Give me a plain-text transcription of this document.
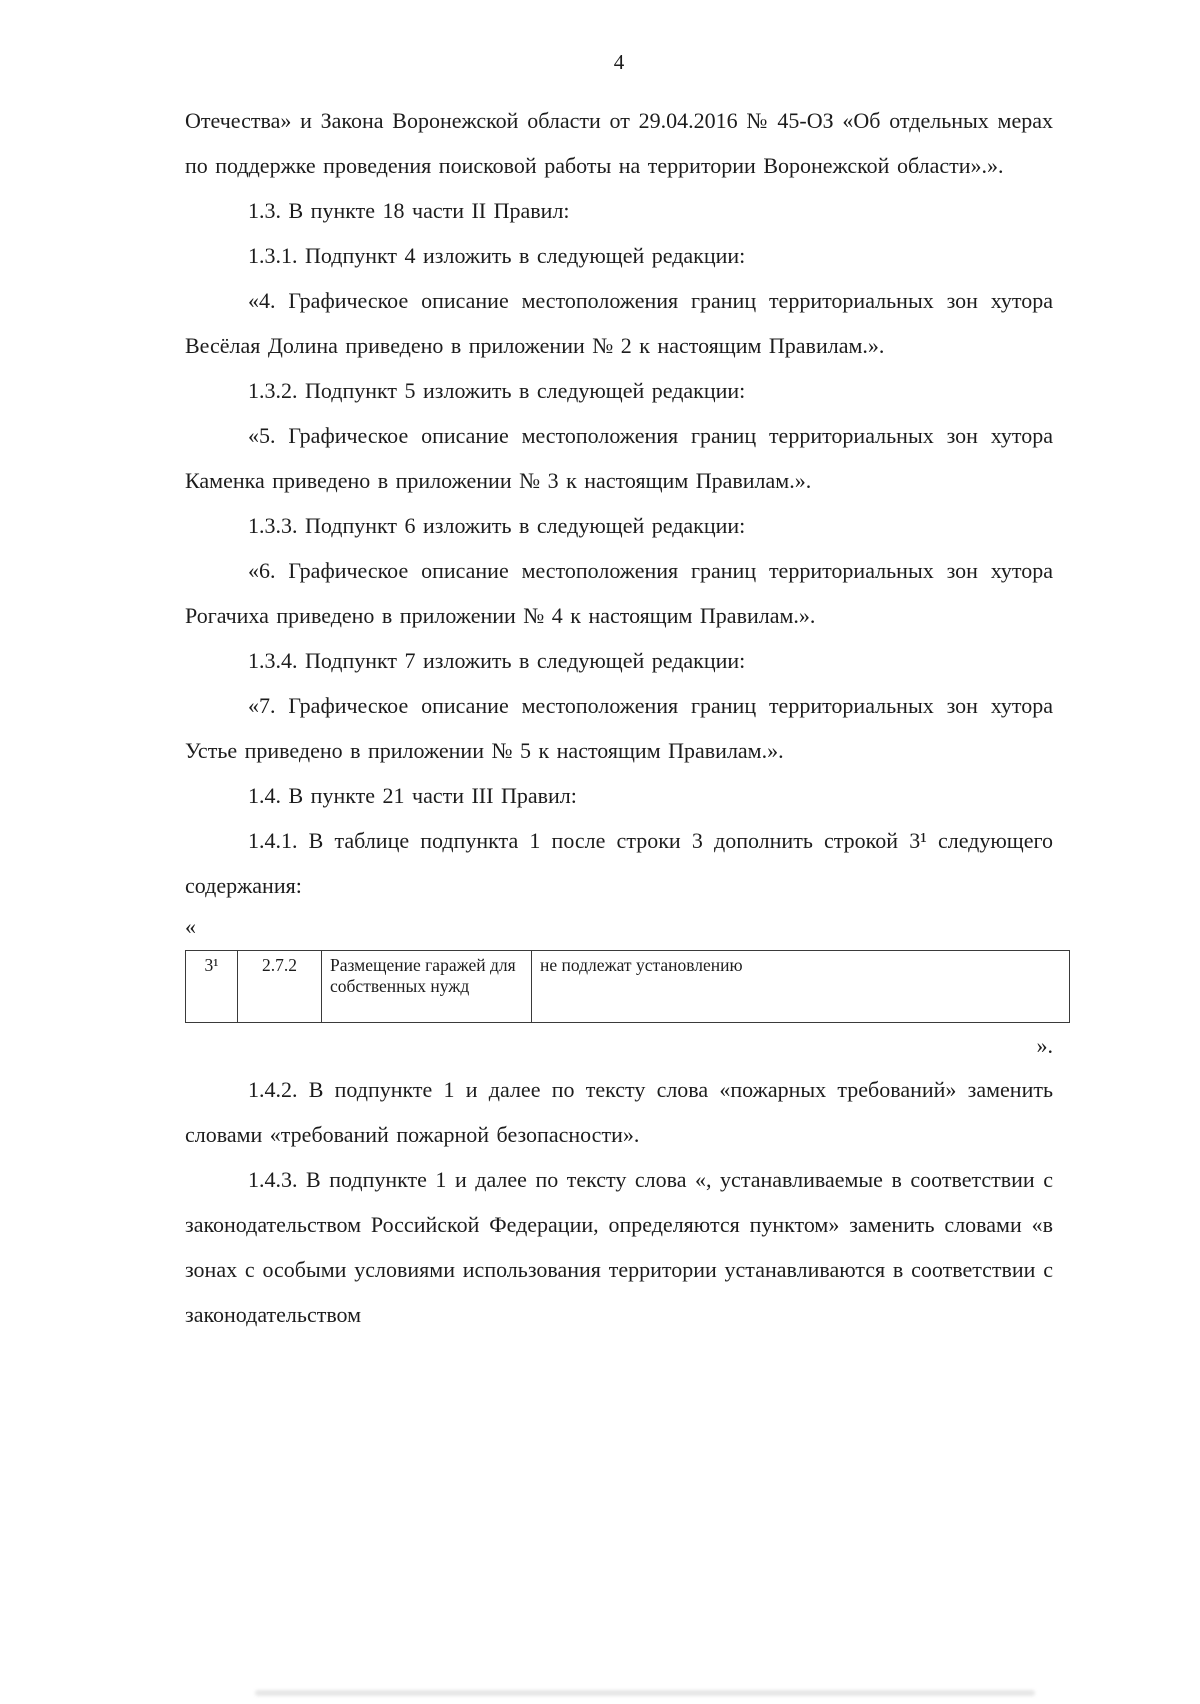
4

Отечества» и Закона Воронежской области от 29.04.2016 № 45-ОЗ «Об отдельных мерах по поддержке проведения поисковой работы на территории Воронежской области».».

1.3. В пункте 18 части II Правил:

1.3.1. Подпункт 4 изложить в следующей редакции:

«4. Графическое описание местоположения границ территориальных зон хутора Весёлая Долина приведено в приложении № 2 к настоящим Правилам.».

1.3.2. Подпункт 5 изложить в следующей редакции:

«5. Графическое описание местоположения границ территориальных зон хутора Каменка приведено в приложении № 3 к настоящим Правилам.».

1.3.3. Подпункт 6 изложить в следующей редакции:

«6. Графическое описание местоположения границ территориальных зон хутора Рогачиха приведено в приложении № 4 к настоящим Правилам.».

1.3.4. Подпункт 7 изложить в следующей редакции:

«7. Графическое описание местоположения границ территориальных зон хутора Устье приведено в приложении № 5 к настоящим Правилам.».

1.4. В пункте 21 части III Правил:

1.4.1. В таблице подпункта 1 после строки 3 дополнить строкой 3¹ следующего содержания:

«

3¹	2.7.2	Размещение гаражей для собственных нужд	не подлежат установлению

».

1.4.2. В подпункте 1 и далее по тексту слова «пожарных требований» заменить словами «требований пожарной безопасности».

1.4.3. В подпункте 1 и далее по тексту слова «, устанавливаемые в соответствии с законодательством Российской Федерации, определяются пунктом» заменить словами «в зонах с особыми условиями использования территории устанавливаются в соответствии с законодательством
